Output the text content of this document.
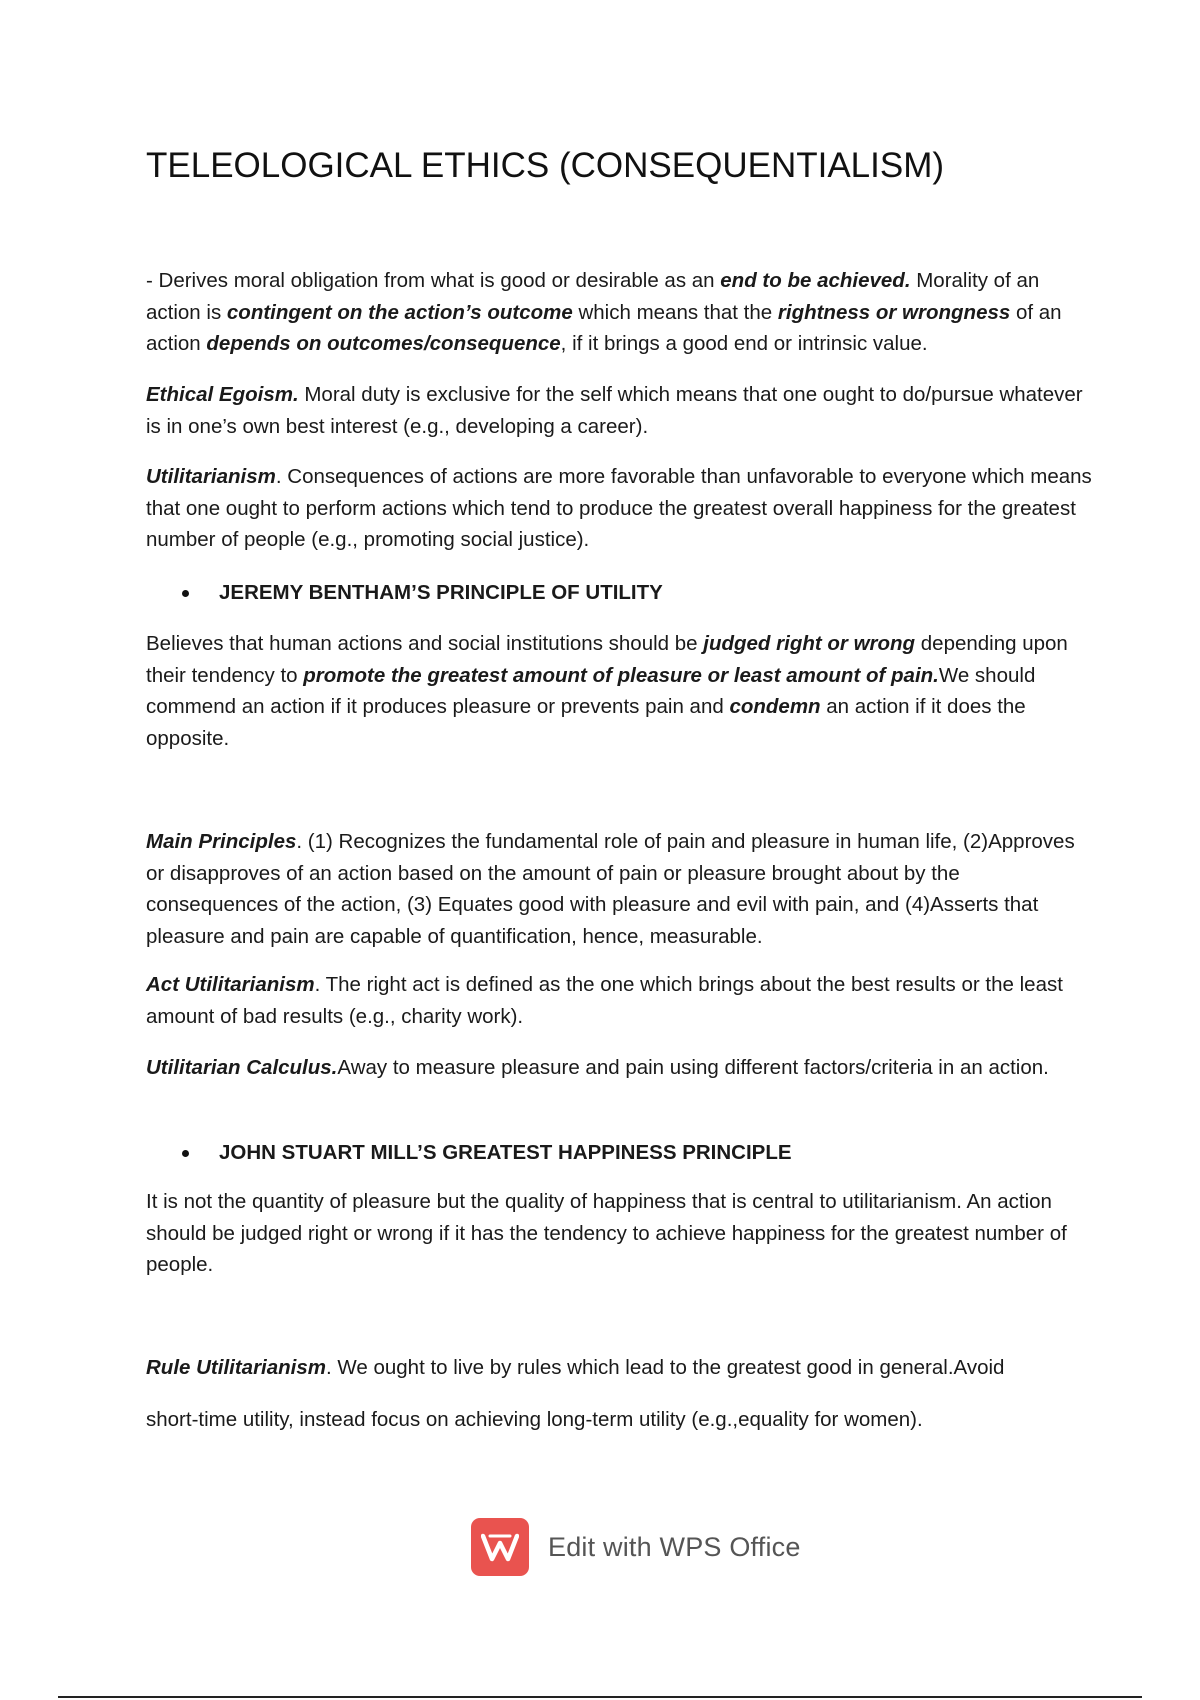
TELEOLOGICAL ETHICS (CONSEQUENTIALISM)

- Derives moral obligation from what is good or desirable as an end to be achieved. Morality of an action is contingent on the action’s outcome which means that the rightness or wrongness of an action depends on outcomes/consequence, if it brings a good end or intrinsic value.

Ethical Egoism. Moral duty is exclusive for the self which means that one ought to do/pursue whatever is in one’s own best interest (e.g., developing a career).

Utilitarianism. Consequences of actions are more favorable than unfavorable to everyone which means that one ought to perform actions which tend to produce the greatest overall happiness for the greatest number of people (e.g., promoting social justice).

JEREMY BENTHAM’S PRINCIPLE OF UTILITY

Believes that human actions and social institutions should be judged right or wrong depending upon their tendency to promote the greatest amount of pleasure or least amount of pain.We should commend an action if it produces pleasure or prevents pain and condemn an action if it does the opposite.

Main Principles. (1) Recognizes the fundamental role of pain and pleasure in human life, (2)Approves or disapproves of an action based on the amount of pain or pleasure brought about by the consequences of the action, (3) Equates good with pleasure and evil with pain, and (4)Asserts that pleasure and pain are capable of quantification, hence, measurable.

Act Utilitarianism. The right act is defined as the one which brings about the best results or the least amount of bad results (e.g., charity work).

Utilitarian Calculus.Away to measure pleasure and pain using different factors/criteria in an action.

JOHN STUART MILL’S GREATEST HAPPINESS PRINCIPLE

It is not the quantity of pleasure but the quality of happiness that is central to utilitarianism. An action should be judged right or wrong if it has the tendency to achieve happiness for the greatest number of people.

Rule Utilitarianism. We ought to live by rules which lead to the greatest good in general.Avoid

short-time utility, instead focus on achieving long-term utility (e.g.,equality for women).

Edit with WPS Office
